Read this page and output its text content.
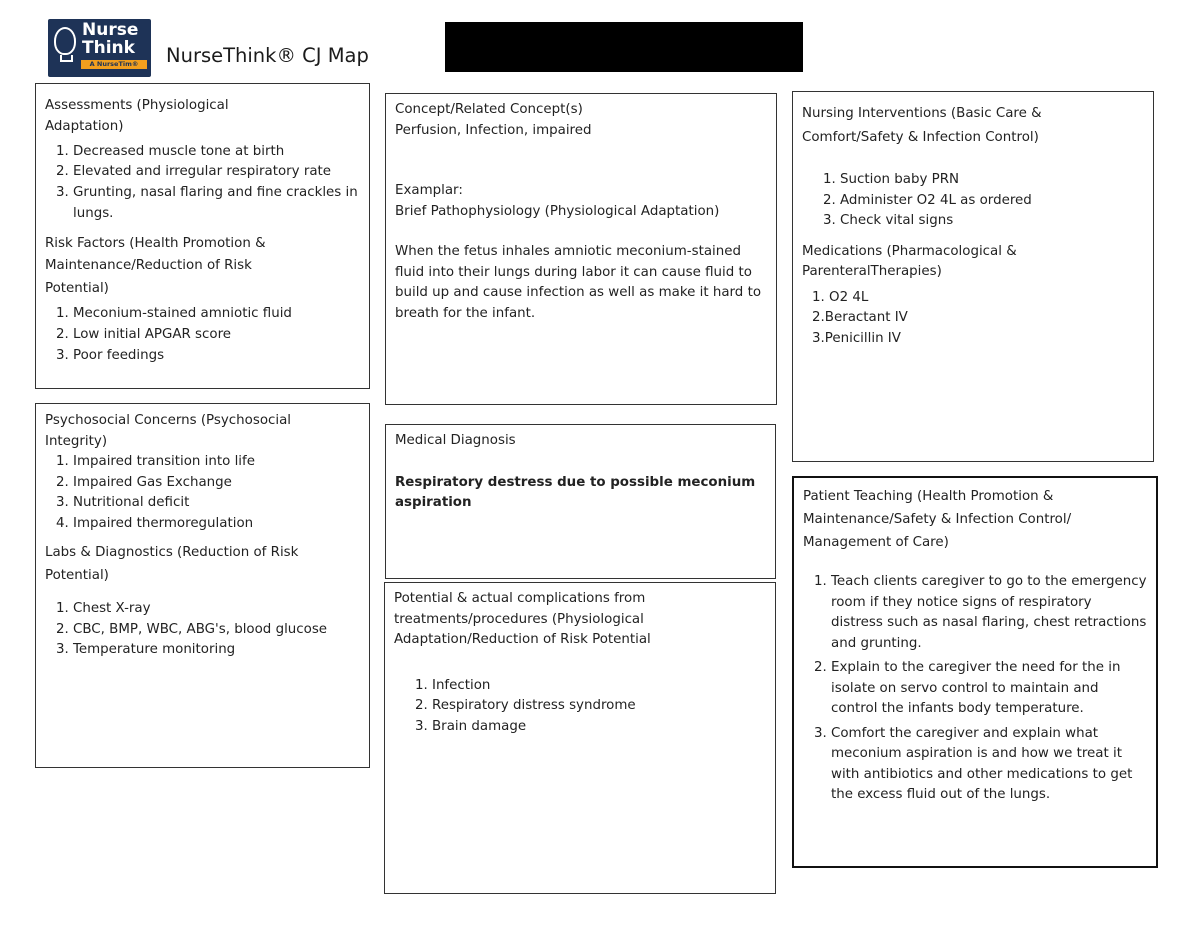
Nurse
Think
A NurseTim® Brand
NurseThink® CJ Map

Assessments (Physiological
Adaptation)

1. Decreased muscle tone at birth
2. Elevated and irregular respiratory rate
3. Grunting, nasal flaring and fine crackles in lungs.

Risk Factors (Health Promotion &
Maintenance/Reduction of Risk
Potential)

1. Meconium-stained amniotic fluid
2. Low initial APGAR score
3. Poor feedings

Psychosocial Concerns (Psychosocial
Integrity)

1. Impaired transition into life
2. Impaired Gas Exchange
3. Nutritional deficit
4. Impaired thermoregulation

Labs & Diagnostics (Reduction of Risk
Potential)

1. Chest X-ray
2. CBC, BMP, WBC, ABG's, blood glucose
3. Temperature monitoring

Concept/Related Concept(s)

Perfusion, Infection, impaired

Examplar:

Brief Pathophysiology (Physiological Adaptation)

When the fetus inhales amniotic meconium-stained fluid into their lungs during labor it can cause fluid to build up and cause infection as well as make it hard to breath for the infant.

Medical Diagnosis

Respiratory destress due to possible meconium aspiration

Potential & actual complications from
treatments/procedures (Physiological
Adaptation/Reduction of Risk Potential

1. Infection
2. Respiratory distress syndrome
3. Brain damage

Nursing Interventions (Basic Care &
Comfort/Safety & Infection Control)

1. Suction baby PRN
2. Administer O2 4L as ordered
3. Check vital signs

Medications (Pharmacological &
ParenteralTherapies)

1. O2 4L
2.Beractant IV
3.Penicillin IV

Patient Teaching (Health Promotion &
Maintenance/Safety & Infection Control/
Management of Care)

1. Teach clients caregiver to go to the emergency room if they notice signs of respiratory distress such as nasal flaring, chest retractions and grunting.
2. Explain to the caregiver the need for the in isolate on servo control to maintain and control the infants body temperature.
3. Comfort the caregiver and explain what meconium aspiration is and how we treat it with antibiotics and other medications to get the excess fluid out of the lungs.
